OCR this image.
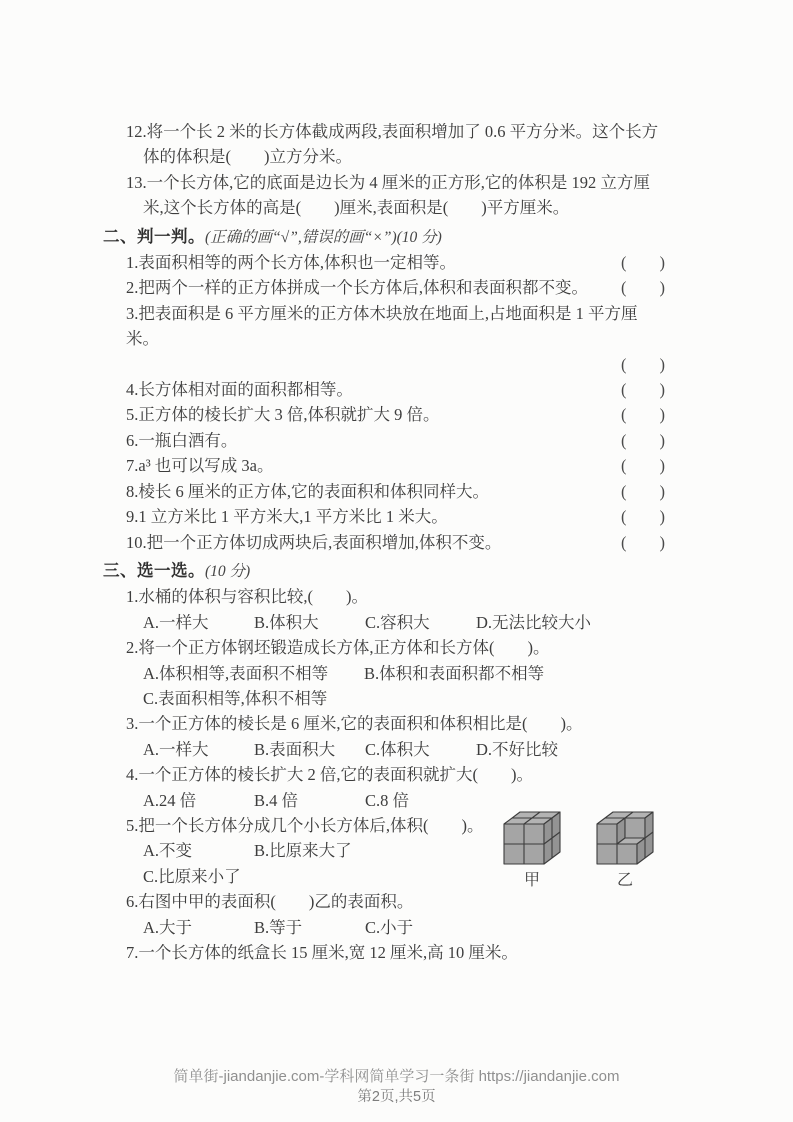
12.将一个长 2 米的长方体截成两段,表面积增加了 0.6 平方分米。这个长方
体的体积是(　　)立方分米。
13.一个长方体,它的底面是边长为 4 厘米的正方形,它的体积是 192 立方厘
米,这个长方体的高是(　　)厘米,表面积是(　　)平方厘米。
二、判一判。(正确的画“√”,错误的画“×”)(10 分)
1.表面积相等的两个长方体,体积也一定相等。	(　　)
2.把两个一样的正方体拼成一个长方体后,体积和表面积都不变。 (　　)
3.把表面积是 6 平方厘米的正方体木块放在地面上,占地面积是 1 平方厘米。
(　　)
4.长方体相对面的面积都相等。	(　　)
5.正方体的棱长扩大 3 倍,体积就扩大 9 倍。	(　　)
6.一瓶白酒有。	(　　)
7.a³ 也可以写成 3a。	(　　)
8.棱长 6 厘米的正方体,它的表面积和体积同样大。	(　　)
9.1 立方米比 1 平方米大,1 平方米比 1 米大。	(　　)
10.把一个正方体切成两块后,表面积增加,体积不变。	(　　)
三、选一选。(10 分)
1.水桶的体积与容积比较,(　　)。
A.一样大	B.体积大	C.容积大	D.无法比较大小
2.将一个正方体钢坯锻造成长方体,正方体和长方体(　　)。
A.体积相等,表面积不相等 B.体积和表面积都不相等
C.表面积相等,体积不相等
3.一个正方体的棱长是 6 厘米,它的表面积和体积相比是(　　)。
A.一样大	B.表面积大 C.体积大	D.不好比较
4.一个正方体的棱长扩大 2 倍,它的表面积就扩大(　　)。
A.24 倍	B.4 倍	C.8 倍
5.把一个长方体分成几个小长方体后,体积(　　)。
A.不变	B.比原来大了
C.比原来小了
6.右图中甲的表面积(　　)乙的表面积。
A.大于	B.等于	C.小于
7.一个长方体的纸盒长 15 厘米,宽 12 厘米,高 10 厘米。
甲	乙
简单街-jiandanjie.com-学科网简单学习一条街 https://jiandanjie.com
第2页,共5页
